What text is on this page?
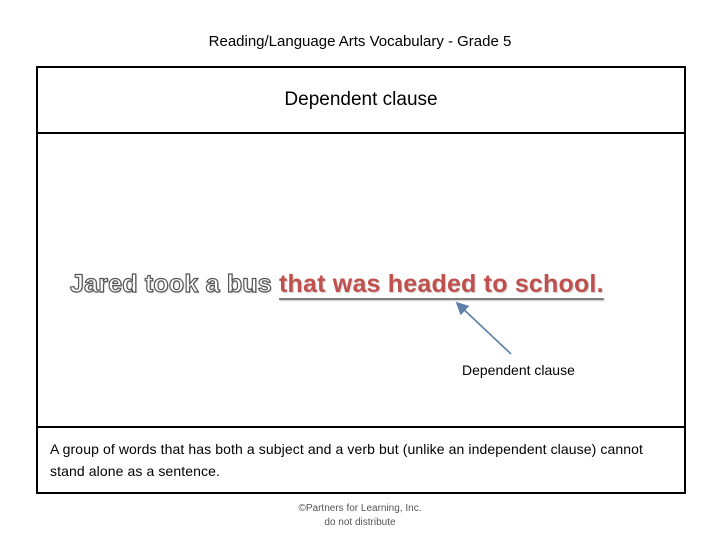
Reading/Language Arts Vocabulary - Grade 5
Dependent clause
Jared took a bus that was headed to school.
Dependent clause
A group of words that has both a subject and a verb but (unlike an independent clause) cannot stand alone as a sentence.
©Partners for Learning, Inc.
do not distribute
